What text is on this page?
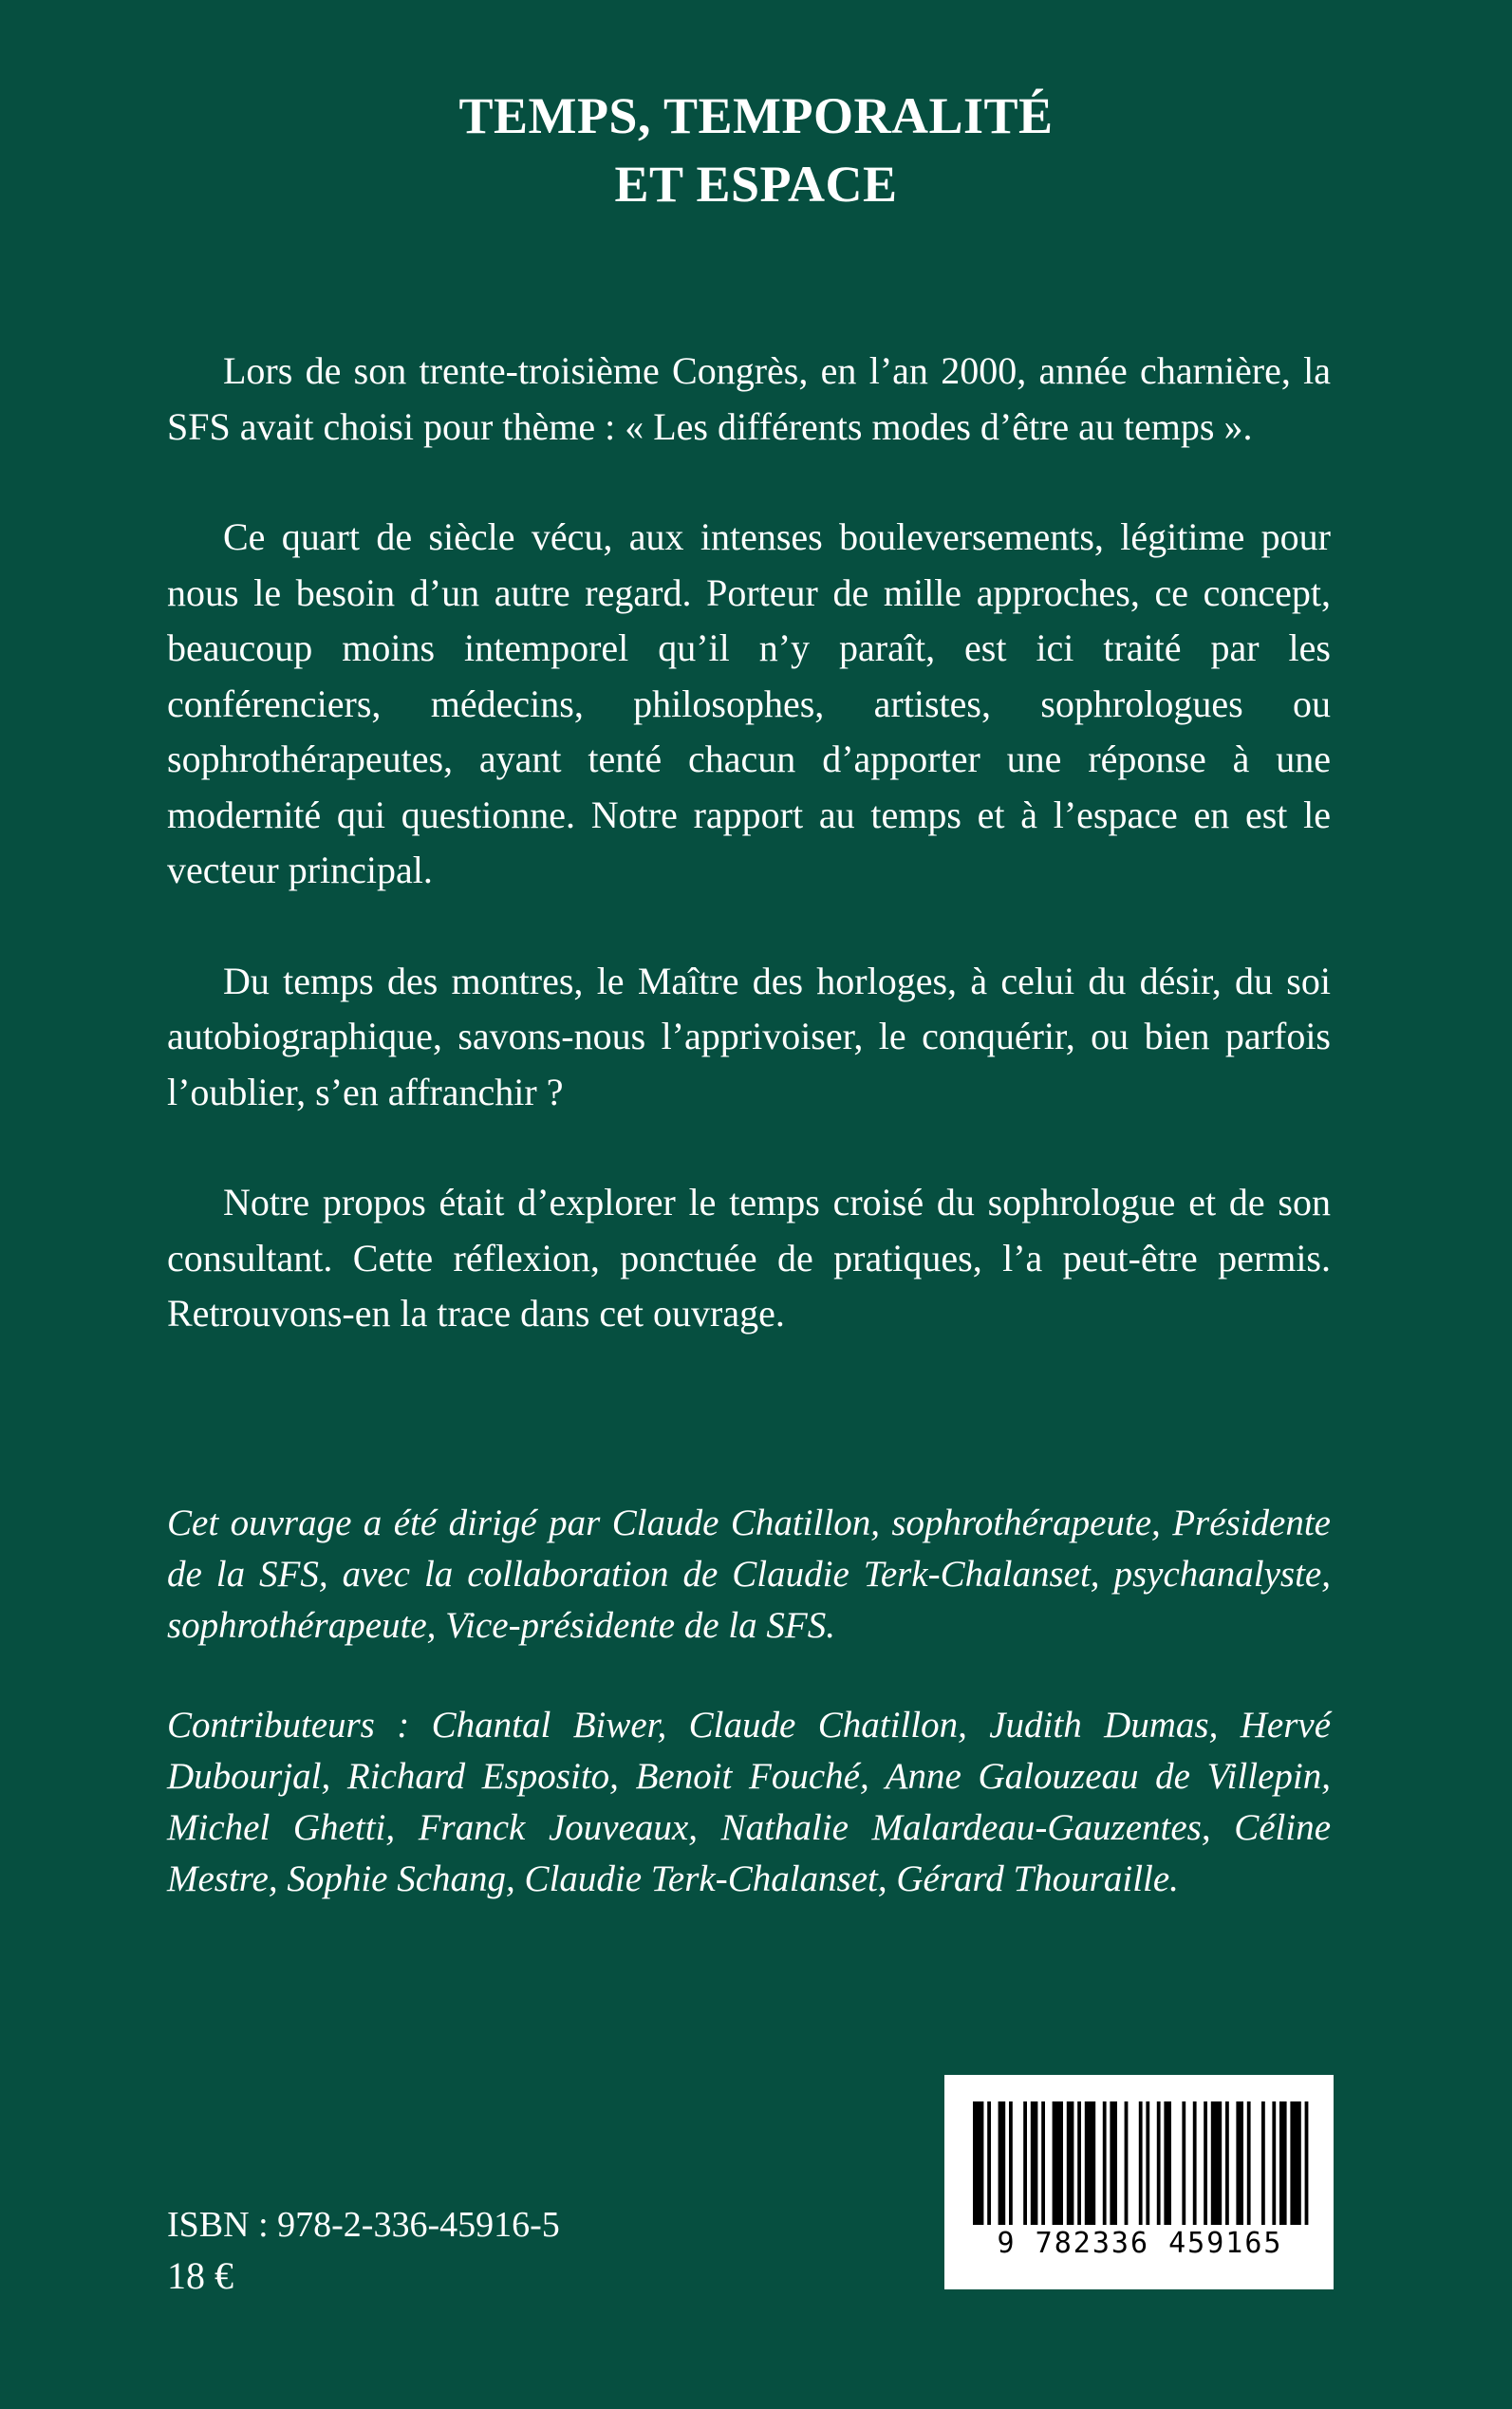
TEMPS, TEMPORALITÉ
ET ESPACE

Lors de son trente-troisième Congrès, en l’an 2000, année charnière, la SFS avait choisi pour thème : « Les différents modes d’être au temps ».

Ce quart de siècle vécu, aux intenses bouleversements, légitime pour nous le besoin d’un autre regard. Porteur de mille approches, ce concept, beaucoup moins intemporel qu’il n’y paraît, est ici traité par les conférenciers, médecins, philosophes, artistes, sophrologues ou sophrothérapeutes, ayant tenté chacun d’apporter une réponse à une modernité qui questionne. Notre rapport au temps et à l’espace en est le vecteur principal.

Du temps des montres, le Maître des horloges, à celui du désir, du soi autobiographique, savons-nous l’apprivoiser, le conquérir, ou bien parfois l’oublier, s’en affranchir ?

Notre propos était d’explorer le temps croisé du sophrologue et de son consultant. Cette réflexion, ponctuée de pratiques, l’a peut-être permis. Retrouvons-en la trace dans cet ouvrage.

Cet ouvrage a été dirigé par Claude Chatillon, sophrothérapeute, Présidente de la SFS, avec la collaboration de Claudie Terk-Chalanset, psychanalyste, sophrothérapeute, Vice-présidente de la SFS.

Contributeurs : Chantal Biwer, Claude Chatillon, Judith Dumas, Hervé Dubourjal, Richard Esposito, Benoit Fouché, Anne Galouzeau de Villepin, Michel Ghetti, Franck Jouveaux, Nathalie Malardeau-Gauzentes, Céline Mestre, Sophie Schang, Claudie Terk-Chalanset, Gérard Thouraille.

ISBN : 978-2-336-45916-5
18 €
9 782336 459165
